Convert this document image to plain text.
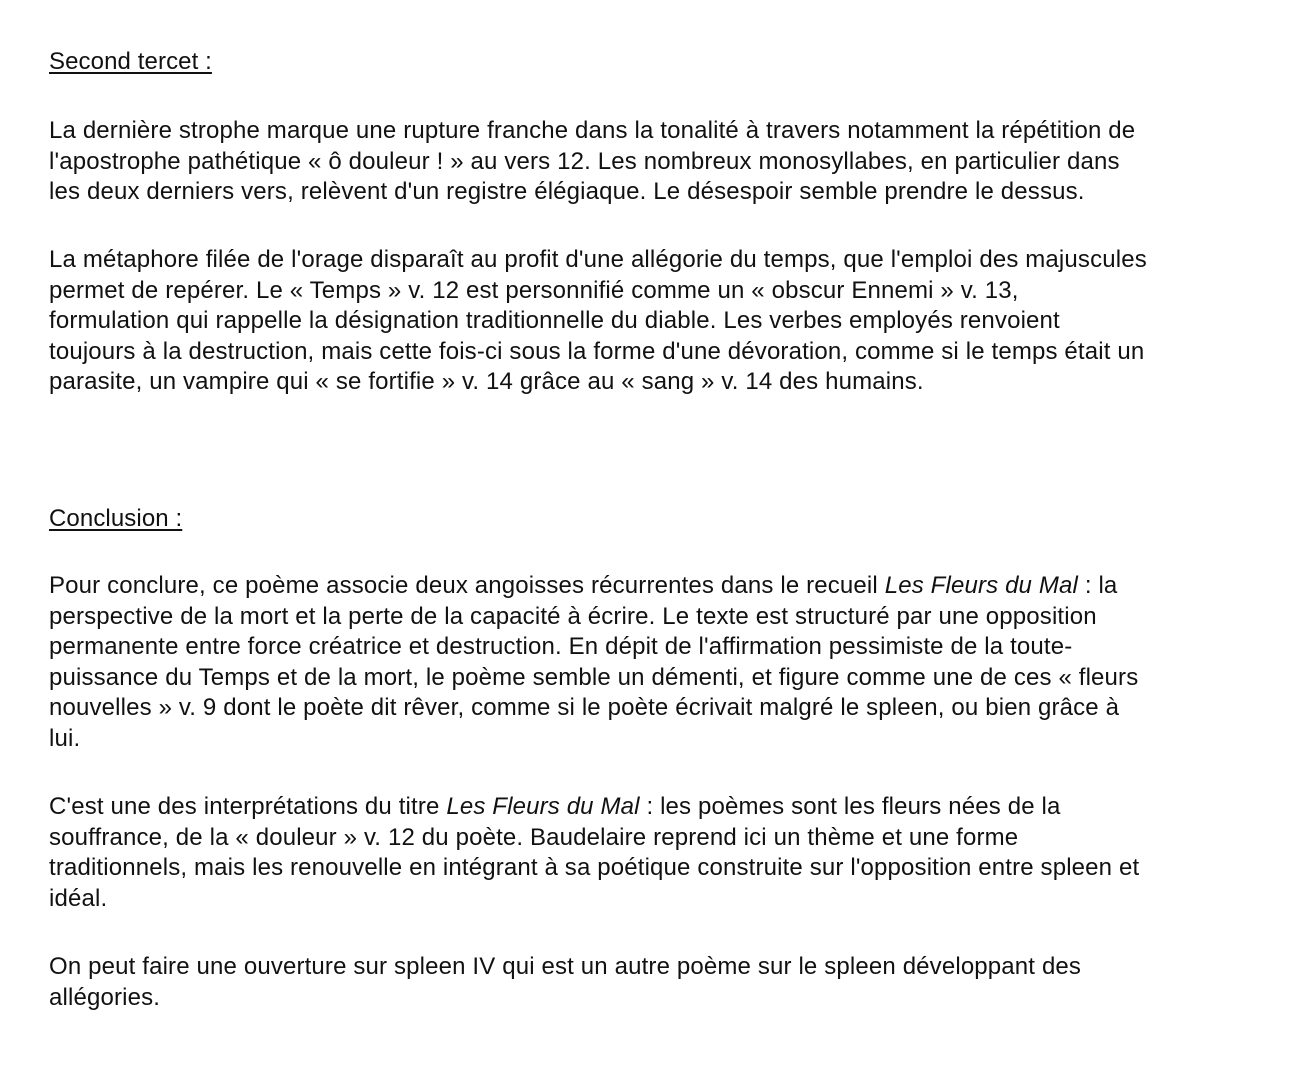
Second tercet :

La dernière strophe marque une rupture franche dans la tonalité à travers notamment la répétition de
l'apostrophe pathétique « ô douleur ! » au vers 12. Les nombreux monosyllabes, en particulier dans
les deux derniers vers, relèvent d'un registre élégiaque. Le désespoir semble prendre le dessus.

La métaphore filée de l'orage disparaît au profit d'une allégorie du temps, que l'emploi des majuscules
permet de repérer. Le « Temps » v. 12 est personnifié comme un « obscur Ennemi » v. 13,
formulation qui rappelle la désignation traditionnelle du diable. Les verbes employés renvoient
toujours à la destruction, mais cette fois-ci sous la forme d'une dévoration, comme si le temps était un
parasite, un vampire qui « se fortifie » v. 14 grâce au « sang » v. 14 des humains.

Conclusion :

Pour conclure, ce poème associe deux angoisses récurrentes dans le recueil Les Fleurs du Mal : la
perspective de la mort et la perte de la capacité à écrire. Le texte est structuré par une opposition
permanente entre force créatrice et destruction. En dépit de l'affirmation pessimiste de la toute-
puissance du Temps et de la mort, le poème semble un démenti, et figure comme une de ces « fleurs
nouvelles » v. 9 dont le poète dit rêver, comme si le poète écrivait malgré le spleen, ou bien grâce à
lui.

C'est une des interprétations du titre Les Fleurs du Mal : les poèmes sont les fleurs nées de la
souffrance, de la « douleur » v. 12 du poète. Baudelaire reprend ici un thème et une forme
traditionnels, mais les renouvelle en intégrant à sa poétique construite sur l'opposition entre spleen et
idéal.

On peut faire une ouverture sur spleen IV qui est un autre poème sur le spleen développant des
allégories.
